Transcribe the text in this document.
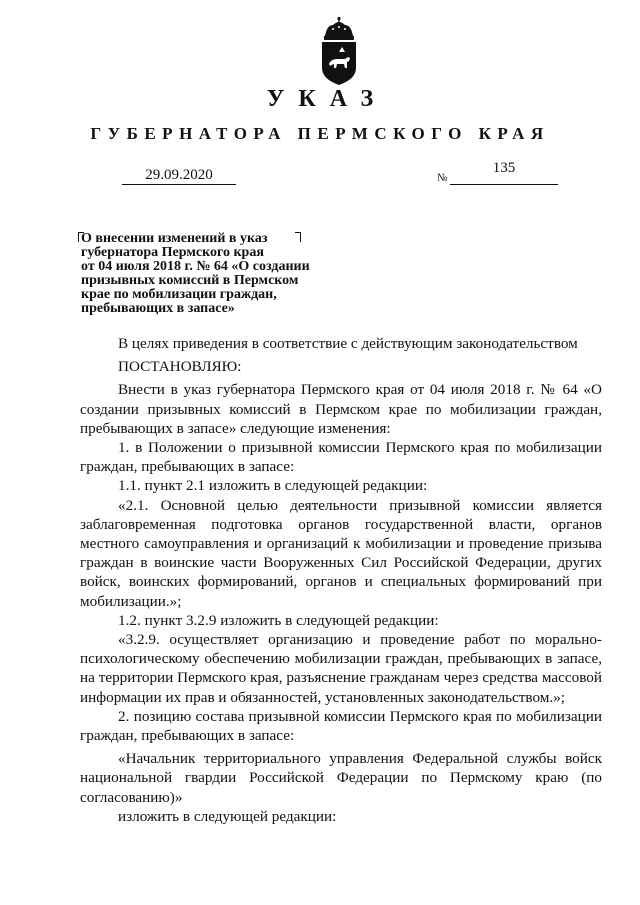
УКАЗ
ГУБЕРНАТОРА ПЕРМСКОГО КРАЯ
29.09.2020	№
135
О внесении изменений в указ
губернатора Пермского края
от 04 июля 2018 г. № 64 «О создании
призывных комиссий в Пермском
крае по мобилизации граждан,
пребывающих в запасе»

В целях приведения в соответствие с действующим законодательством

ПОСТАНОВЛЯЮ:

Внести в указ губернатора Пермского края от 04 июля 2018 г. № 64 «О создании призывных комиссий в Пермском крае по мобилизации граждан, пребывающих в запасе» следующие изменения:

1. в Положении о призывной комиссии Пермского края по мобилизации граждан, пребывающих в запасе:

1.1. пункт 2.1 изложить в следующей редакции:

«2.1. Основной целью деятельности призывной комиссии является заблаговременная подготовка органов государственной власти, органов местного самоуправления и организаций к мобилизации и проведение призыва граждан в воинские части Вооруженных Сил Российской Федерации, других войск, воинских формирований, органов и специальных формирований при мобилизации.»;

1.2. пункт 3.2.9 изложить в следующей редакции:

«3.2.9. осуществляет организацию и проведение работ по морально-психологическому обеспечению мобилизации граждан, пребывающих в запасе, на территории Пермского края, разъяснение гражданам через средства массовой информации их прав и обязанностей, установленных законодательством.»;

2. позицию состава призывной комиссии Пермского края по мобилизации граждан, пребывающих в запасе:

«Начальник территориального управления Федеральной службы войск национальной гвардии Российской Федерации по Пермскому краю (по согласованию)»

изложить в следующей редакции:
